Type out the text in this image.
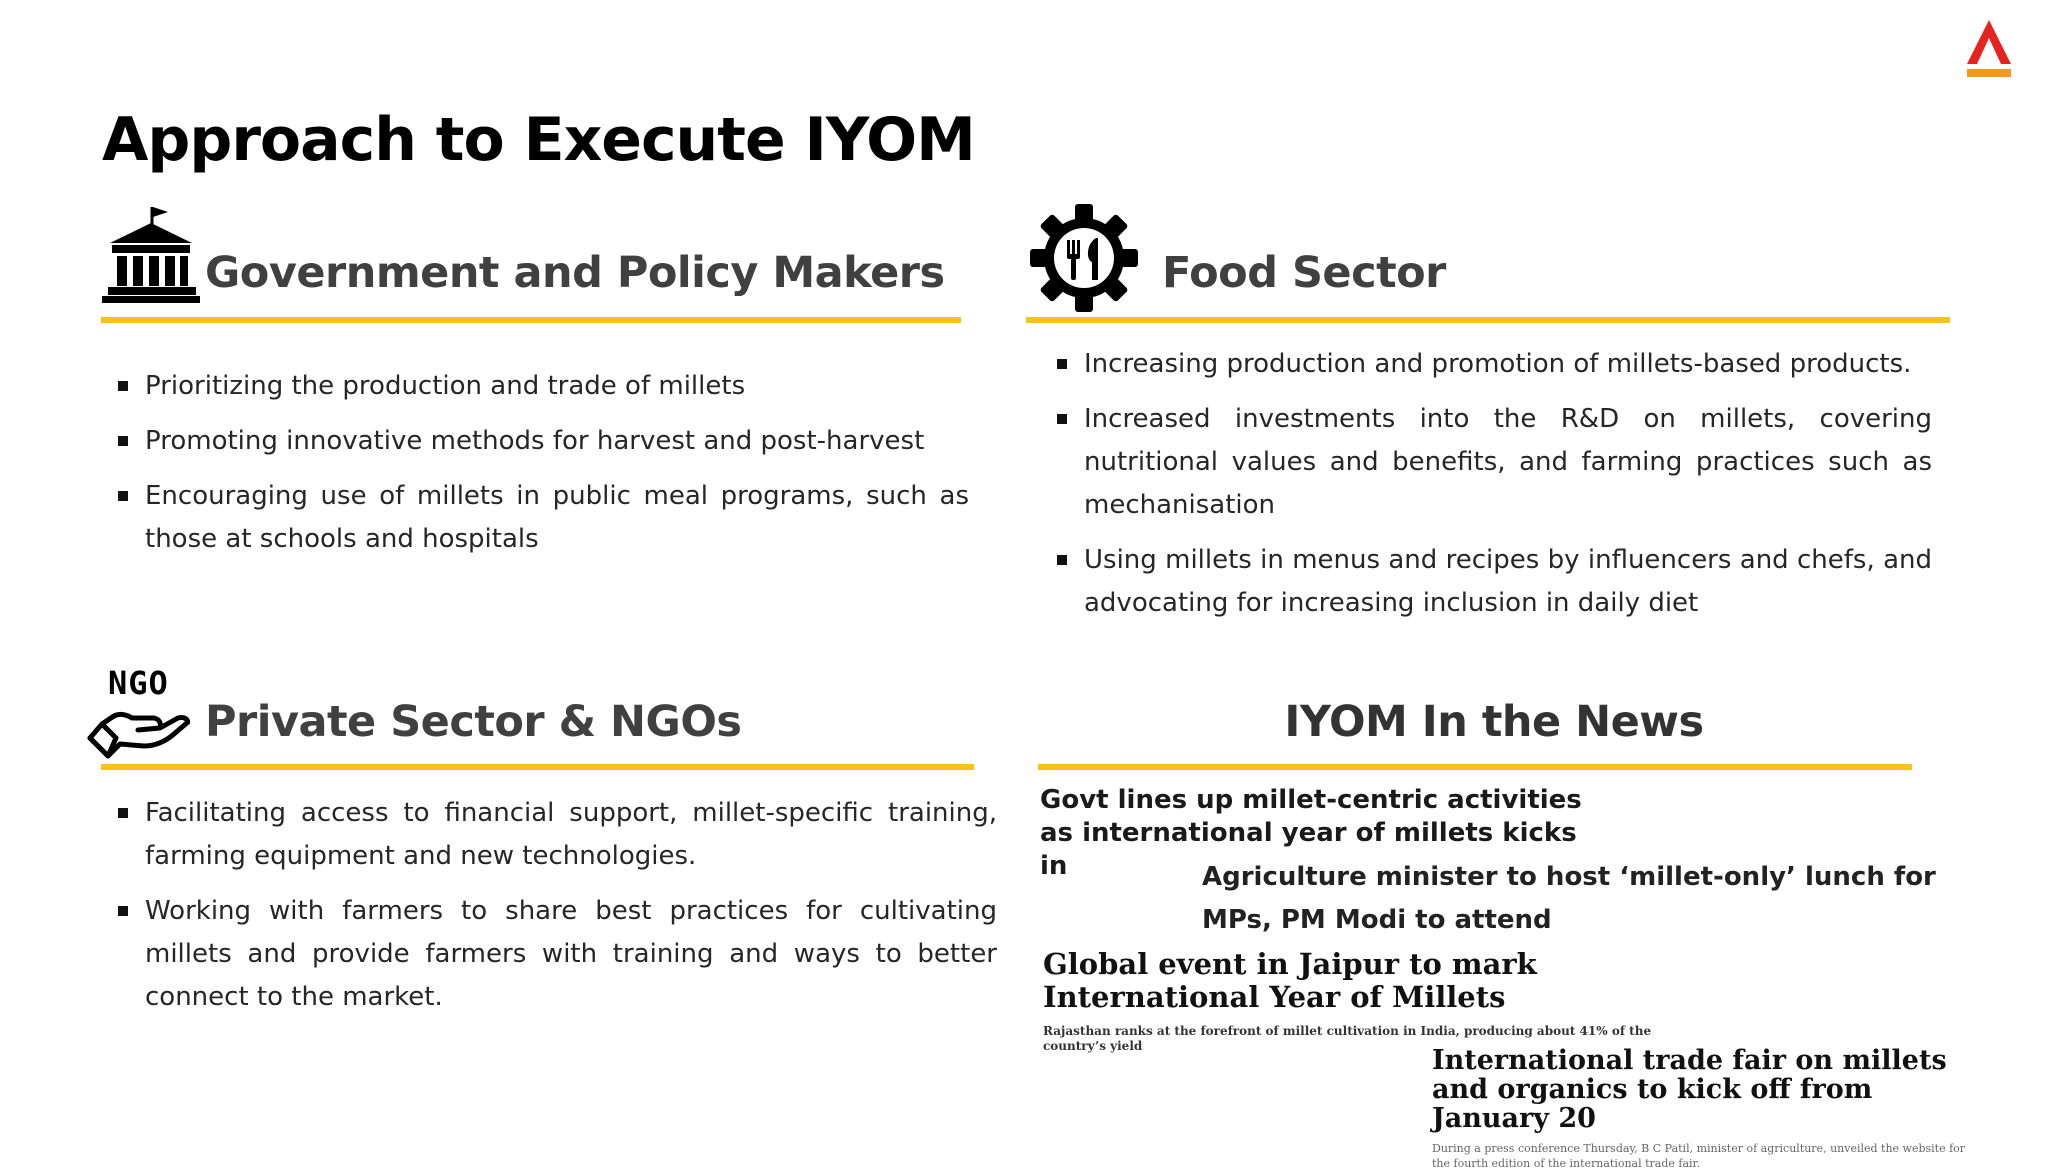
Approach to Execute IYOM
Government and Policy Makers
Prioritizing the production and trade of millets
Promoting innovative methods for harvest and post-harvest
Encouraging use of millets in public meal programs, such as those at schools and hospitals
Food Sector
Increasing production and promotion of millets-based products.
Increased investments into the R&D on millets, covering nutritional values and benefits, and farming practices such as mechanisation
Using millets in menus and recipes by influencers and chefs, and advocating for increasing inclusion in daily diet
NGO
Private Sector & NGOs
Facilitating access to financial support, millet-specific training, farming equipment and new technologies.
Working with farmers to share best practices for cultivating millets and provide farmers with training and ways to better connect to the market.
IYOM In the News
Govt lines up millet-centric activities as international year of millets kicks in	Agriculture minister to host ‘millet-only’ lunch for MPs, PM Modi to attend
Global event in Jaipur to mark International Year of Millets
Rajasthan ranks at the forefront of millet cultivation in India, producing about 41% of the country’s yield	International trade fair on millets and organics to kick off from January 20
During a press conference Thursday, B C Patil, minister of agriculture, unveiled the website for the fourth edition of the international trade fair.
